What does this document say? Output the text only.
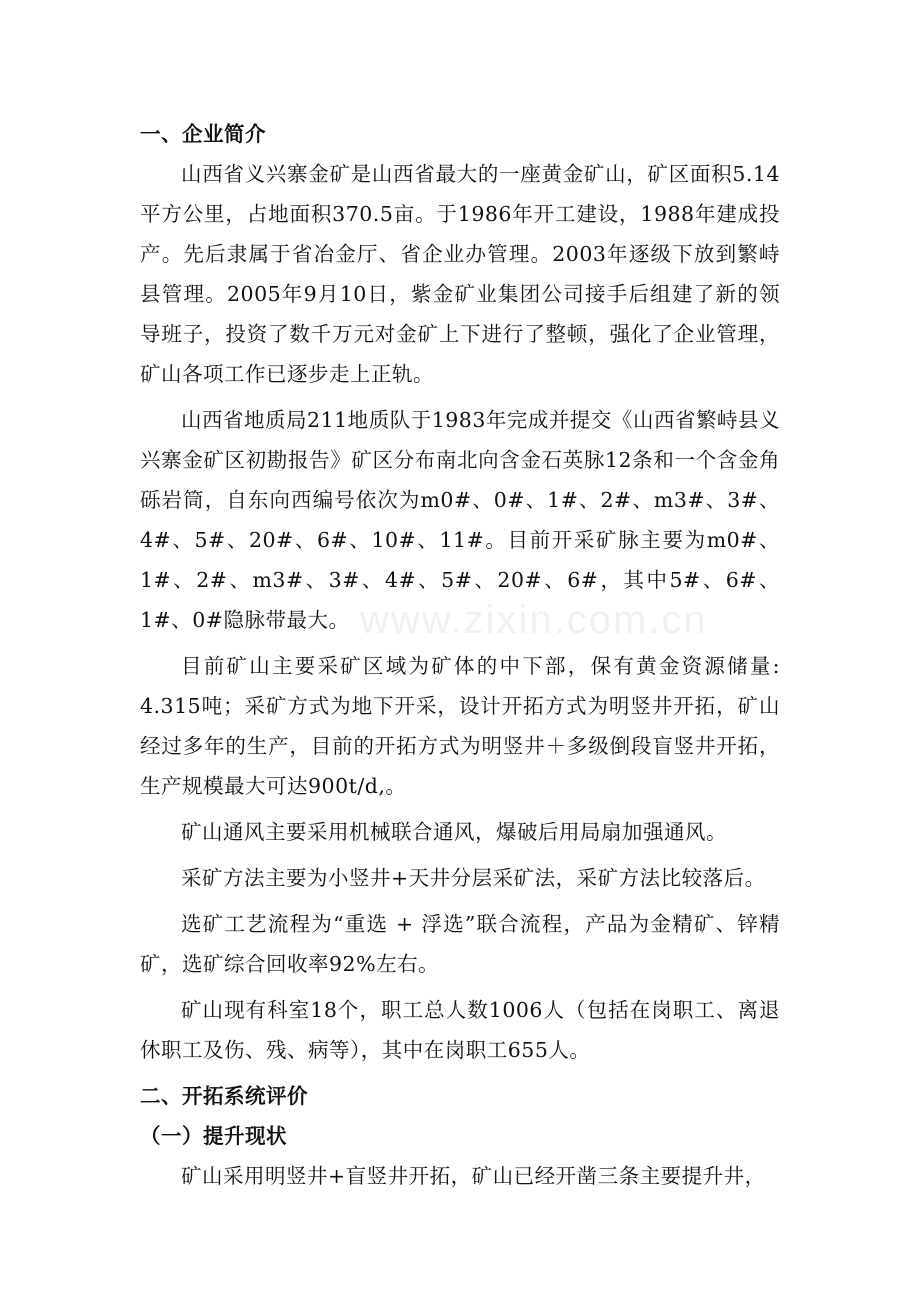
www.zixin.com.cn
一、企业简介

山西省义兴寨金矿是山西省最大的一座黄金矿山，矿区面积5.14平方公里，占地面积370.5亩。于1986年开工建设，1988年建成投产。先后隶属于省冶金厅、省企业办管理。2003年逐级下放到繁峙县管理。2005年9月10日，紫金矿业集团公司接手后组建了新的领导班子，投资了数千万元对金矿上下进行了整顿，强化了企业管理，矿山各项工作已逐步走上正轨。

山西省地质局211地质队于1983年完成并提交《山西省繁峙县义兴寨金矿区初勘报告》矿区分布南北向含金石英脉12条和一个含金角砾岩筒，自东向西编号依次为m0#、0#、1#、2#、m3#、3#、4#、5#、20#、6#、10#、11#。目前开采矿脉主要为m0#、1#、2#、m3#、3#、4#、5#、20#、6#，其中5#、6#、1#、0#隐脉带最大。

目前矿山主要采矿区域为矿体的中下部，保有黄金资源储量: 4.315吨；采矿方式为地下开采，设计开拓方式为明竖井开拓，矿山经过多年的生产，目前的开拓方式为明竖井＋多级倒段盲竖井开拓，生产规模最大可达900t/d,。

矿山通风主要采用机械联合通风，爆破后用局扇加强通风。

采矿方法主要为小竖井+天井分层采矿法，采矿方法比较落后。

选矿工艺流程为“重选 + 浮选”联合流程，产品为金精矿、锌精矿，选矿综合回收率92%左右。

矿山现有科室18个，职工总人数1006人（包括在岗职工、离退休职工及伤、残、病等），其中在岗职工655人。

二、开拓系统评价
（一）提升现状

矿山采用明竖井+盲竖井开拓，矿山已经开凿三条主要提升井，
